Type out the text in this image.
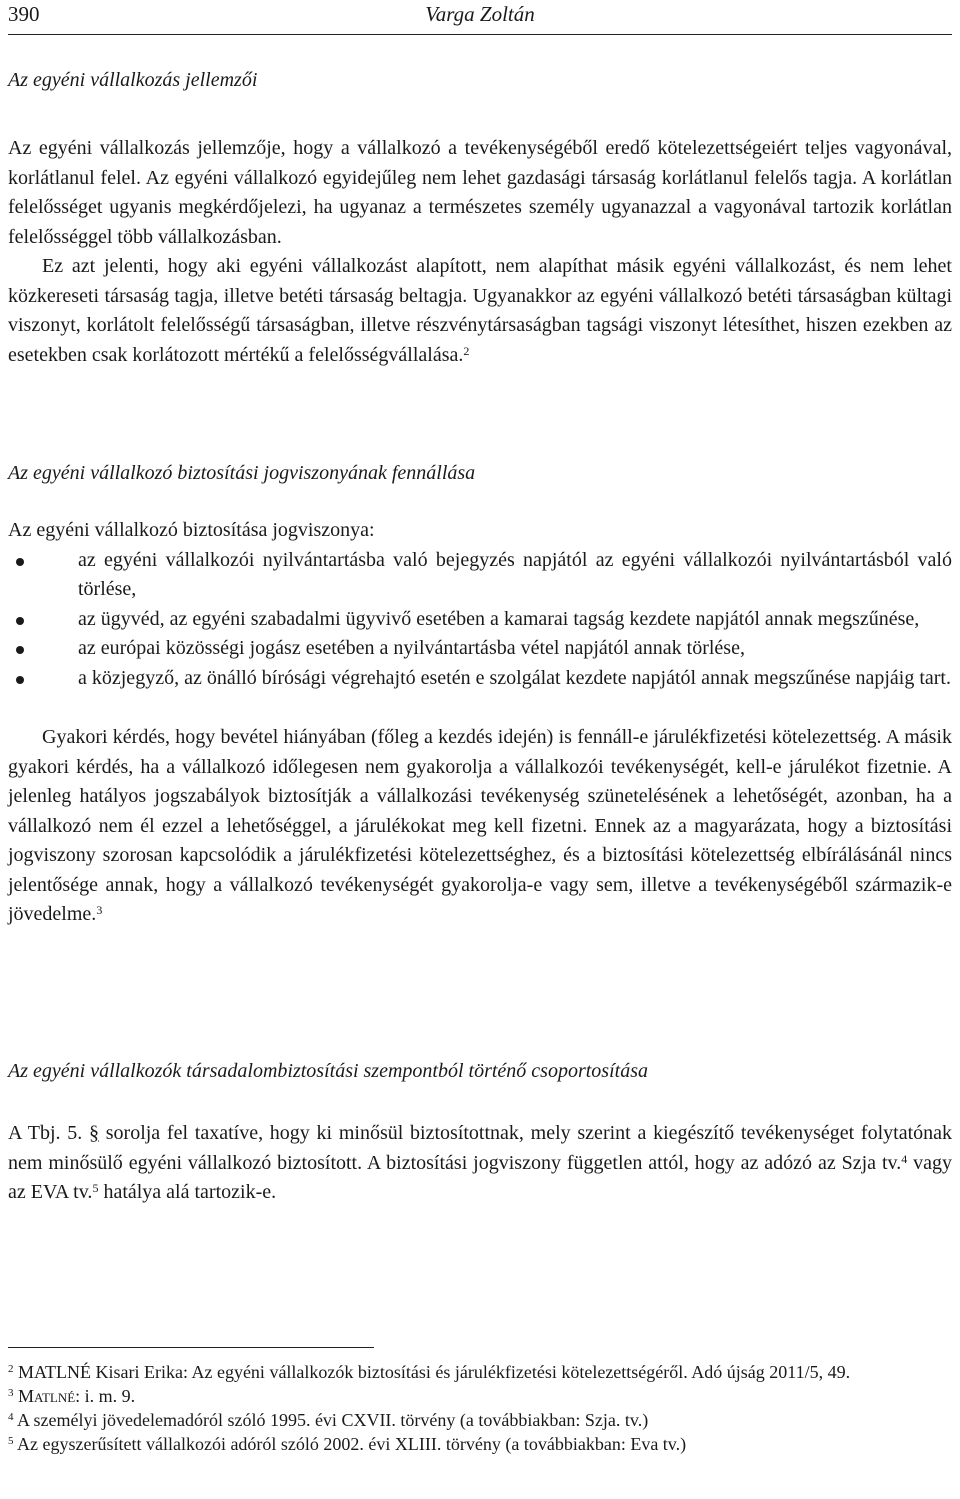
390	Varga Zoltán
Az egyéni vállalkozás jellemzői

Az egyéni vállalkozás jellemzője, hogy a vállalkozó a tevékenységéből eredő kötelezettségeiért teljes vagyonával, korlátlanul felel. Az egyéni vállalkozó egyidejűleg nem lehet gazdasági társaság korlátlanul felelős tagja. A korlátlan felelősséget ugyanis megkérdőjelezi, ha ugyanaz a természetes személy ugyanazzal a vagyonával tartozik korlátlan felelősséggel több vállalkozásban.

Ez azt jelenti, hogy aki egyéni vállalkozást alapított, nem alapíthat másik egyéni vállalkozást, és nem lehet közkereseti társaság tagja, illetve betéti társaság beltagja. Ugyanakkor az egyéni vállalkozó betéti társaságban kültagi viszonyt, korlátolt felelősségű társaságban, illetve részvénytársaságban tagsági viszonyt létesíthet, hiszen ezekben az esetekben csak korlátozott mértékű a felelősségvállalása.$^2$

Az egyéni vállalkozó biztosítási jogviszonyának fennállása

Az egyéni vállalkozó biztosítása jogviszonya:

az egyéni vállalkozói nyilvántartásba való bejegyzés napjától az egyéni vállalkozói nyilvántartásból való törlése,
az ügyvéd, az egyéni szabadalmi ügyvivő esetében a kamarai tagság kezdete napjától annak megszűnése,
az európai közösségi jogász esetében a nyilvántartásba vétel napjától annak törlése,
a közjegyző, az önálló bírósági végrehajtó esetén e szolgálat kezdete napjától annak megszűnése napjáig tart.

Gyakori kérdés, hogy bevétel hiányában (főleg a kezdés idején) is fennáll-e járulékfizetési kötelezettség. A másik gyakori kérdés, ha a vállalkozó időlegesen nem gyakorolja a vállalkozói tevékenységét, kell-e járulékot fizetnie. A jelenleg hatályos jogszabályok biztosítják a vállalkozási tevékenység szünetelésének a lehetőségét, azonban, ha a vállalkozó nem él ezzel a lehetőséggel, a járulékokat meg kell fizetni. Ennek az a magyarázata, hogy a biztosítási jogviszony szorosan kapcsolódik a járulékfizetési kötelezettséghez, és a biztosítási kötelezettség elbírálásánál nincs jelentősége annak, hogy a vállalkozó tevékenységét gyakorolja-e vagy sem, illetve a tevékenységéből származik-e jövedelme.$^3$

Az egyéni vállalkozók társadalombiztosítási szempontból történő csoportosítása

A Tbj. 5. § sorolja fel taxatíve, hogy ki minősül biztosítottnak, mely szerint a kiegészítő tevékenységet folytatónak nem minősülő egyéni vállalkozó biztosított. A biztosítási jogviszony független attól, hogy az adózó az Szja tv.$^4$ vagy az EVA tv.$^5$ hatálya alá tartozik-e.

$^2$ MATLNÉ Kisari Erika: Az egyéni vállalkozók biztosítási és járulékfizetési kötelezettségéről. Adó újság 2011/5, 49.

$^3$ Matlné: i. m. 9.

$^4$ A személyi jövedelemadóról szóló 1995. évi CXVII. törvény (a továbbiakban: Szja. tv.)

$^5$ Az egyszerűsített vállalkozói adóról szóló 2002. évi XLIII. törvény (a továbbiakban: Eva tv.)
